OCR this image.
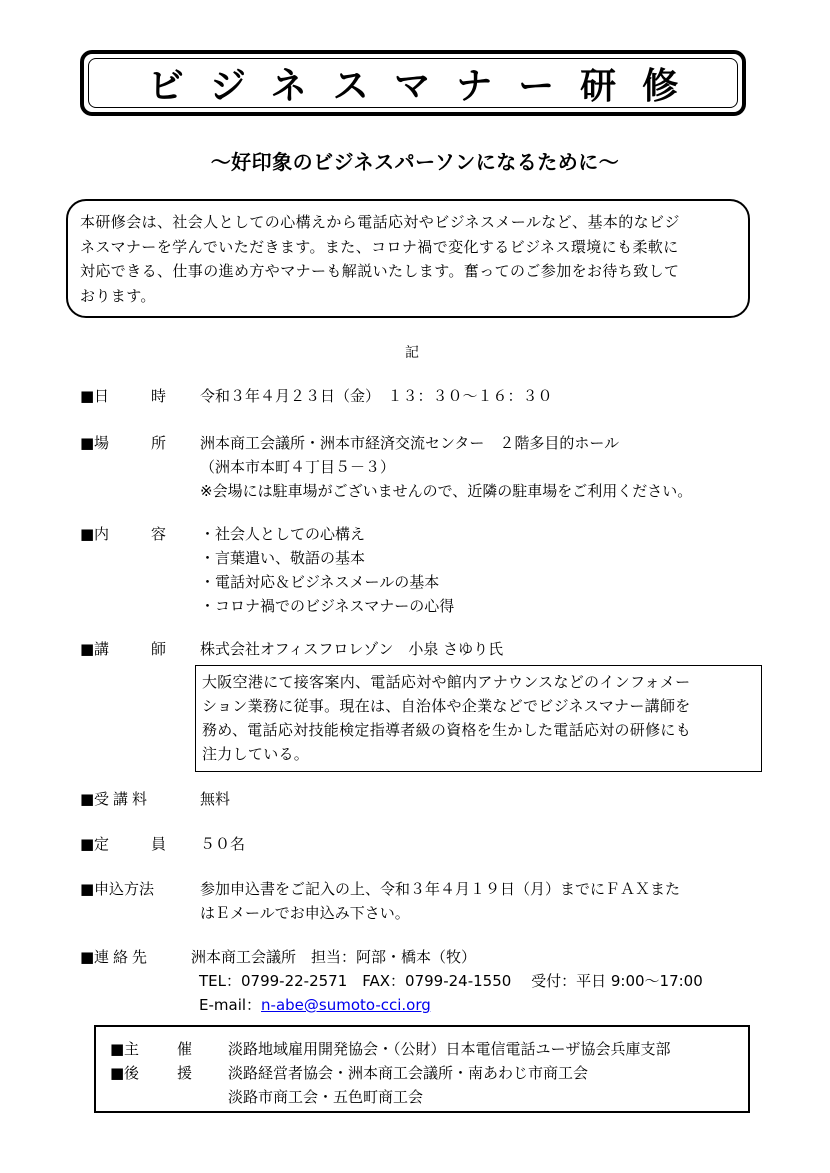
ビジネスマナー研修
～好印象のビジネスパーソンになるために～
本研修会は、社会人としての心構えから電話応対やビジネスメールなど、基本的なビジ
ネスマナーを学んでいただきます。また、コロナ禍で変化するビジネス環境にも柔軟に
対応できる、仕事の進め方やマナーも解説いたします。奮ってのご参加をお待ち致して
おります。
記
■日	時	令和３年４月２３日（金）　１３：３０～１６：３０
■場	所	洲本商工会議所・洲本市経済交流センター　２階多目的ホール
（洲本市本町４丁目５－３）
※会場には駐車場がございませんので、近隣の駐車場をご利用ください。
■内	容	・社会人としての心構え
・言葉遣い、敬語の基本
・電話対応＆ビジネスメールの基本
・コロナ禍でのビジネスマナーの心得
■講	師	株式会社オフィスフロレゾン　小泉 さゆり氏
大阪空港にて接客案内、電話応対や館内アナウンスなどのインフォメー
ション業務に従事。現在は、自治体や企業などでビジネスマナー講師を
務め、電話応対技能検定指導者級の資格を生かした電話応対の研修にも
注力している。
■受講料	無料
■定	員	５０名
■申込方法	参加申込書をご記入の上、令和３年４月１９日（月）までにＦＡＸまた
はＥメールでお申込み下さい。
■連絡先	洲本商工会議所　担当：阿部・橋本（牧）
TEL：0799-22-2571　FAX：0799-24-1550　 受付：平日 9:00～17:00
E-mail：n-abe@sumoto-cci.org
■主	催	淡路地域雇用開発協会・（公財）日本電信電話ユーザ協会兵庫支部
■後	援	淡路経営者協会・洲本商工会議所・南あわじ市商工会
淡路市商工会・五色町商工会
